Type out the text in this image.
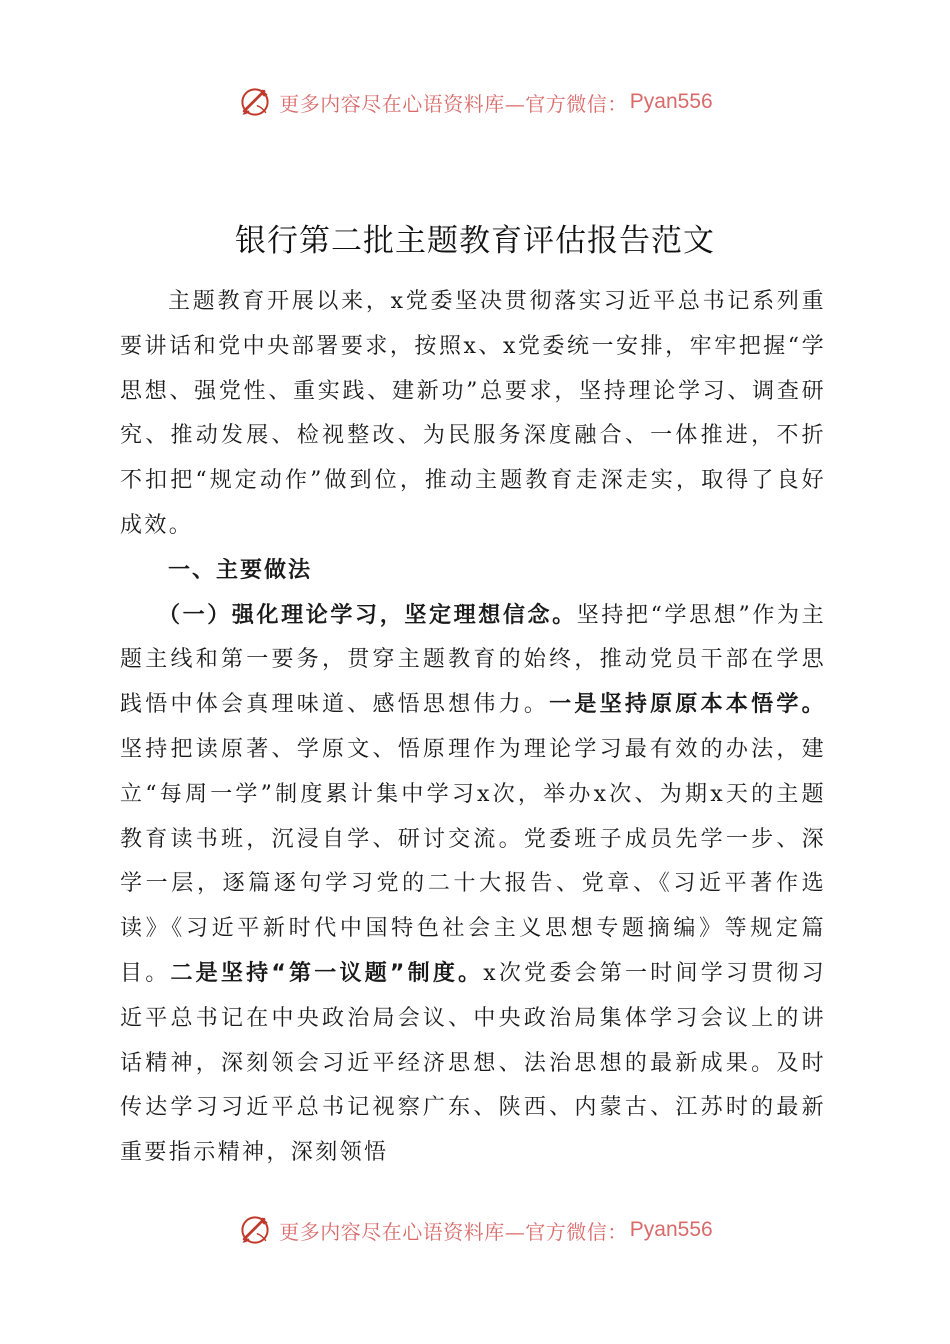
更多内容尽在心语资料库—官方微信： Pyan556
银行第二批主题教育评估报告范文

主题教育开展以来，x党委坚决贯彻落实习近平总书记系列重要讲话和党中央部署要求，按照x、x党委统一安排，牢牢把握“学思想、强党性、重实践、建新功”总要求，坚持理论学习、调查研究、推动发展、检视整改、为民服务深度融合、一体推进，不折不扣把“规定动作”做到位，推动主题教育走深走实，取得了良好成效。

一、主要做法

（一）强化理论学习，坚定理想信念。坚持把“学思想”作为主题主线和第一要务，贯穿主题教育的始终，推动党员干部在学思践悟中体会真理味道、感悟思想伟力。一是坚持原原本本悟学。坚持把读原著、学原文、悟原理作为理论学习最有效的办法，建立“每周一学”制度累计集中学习x次，举办x次、为期x天的主题教育读书班，沉浸自学、研讨交流。党委班子成员先学一步、深学一层，逐篇逐句学习党的二十大报告、党章、《习近平著作选读》《习近平新时代中国特色社会主义思想专题摘编》等规定篇目。二是坚持“第一议题”制度。x次党委会第一时间学习贯彻习近平总书记在中央政治局会议、中央政治局集体学习会议上的讲话精神，深刻领会习近平经济思想、法治思想的最新成果。及时传达学习习近平总书记视察广东、陕西、内蒙古、江苏时的最新重要指示精神，深刻领悟

更多内容尽在心语资料库—官方微信： Pyan556
